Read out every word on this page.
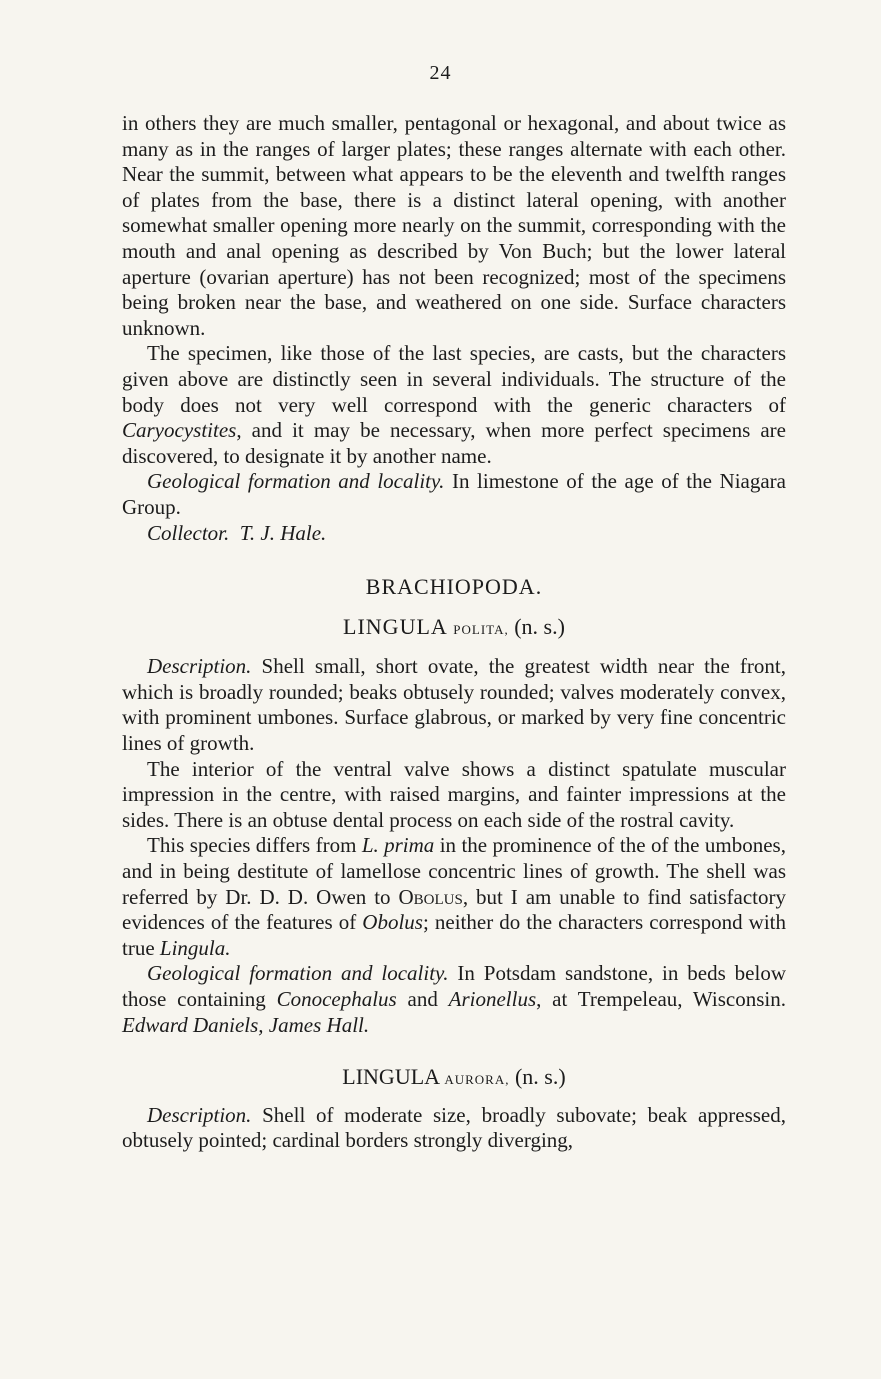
24

in others they are much smaller, pentagonal or hexagonal, and about twice as many as in the ranges of larger plates; these ranges alternate with each other. Near the summit, between what appears to be the eleventh and twelfth ranges of plates from the base, there is a distinct lateral opening, with another somewhat smaller opening more nearly on the summit, corresponding with the mouth and anal opening as described by Von Buch; but the lower lateral aperture (ovarian aperture) has not been recognized; most of the specimens being broken near the base, and weathered on one side. Surface characters unknown.

The specimen, like those of the last species, are casts, but the characters given above are distinctly seen in several individuals. The structure of the body does not very well correspond with the generic characters of Caryocystites, and it may be necessary, when more perfect specimens are discovered, to designate it by another name.

Geological formation and locality. In limestone of the age of the Niagara Group.

Collector. T. J. Hale.

BRACHIOPODA.

LINGULA POLITA, (n. s.)

Description. Shell small, short ovate, the greatest width near the front, which is broadly rounded; beaks obtusely rounded; valves moderately convex, with prominent umbones. Surface glabrous, or marked by very fine concentric lines of growth.

The interior of the ventral valve shows a distinct spatulate muscular impression in the centre, with raised margins, and fainter impressions at the sides. There is an obtuse dental process on each side of the rostral cavity.

This species differs from L. prima in the prominence of the of the umbones, and in being destitute of lamellose concentric lines of growth. The shell was referred by Dr. D. D. Owen to Obolus, but I am unable to find satisfactory evidences of the features of Obolus; neither do the characters correspond with true Lingula.

Geological formation and locality. In Potsdam sandstone, in beds below those containing Conocephalus and Arionellus, at Trempeleau, Wisconsin. Edward Daniels, James Hall.

LINGULA AURORA, (n. s.)

Description. Shell of moderate size, broadly subovate; beak appressed, obtusely pointed; cardinal borders strongly diverging,
